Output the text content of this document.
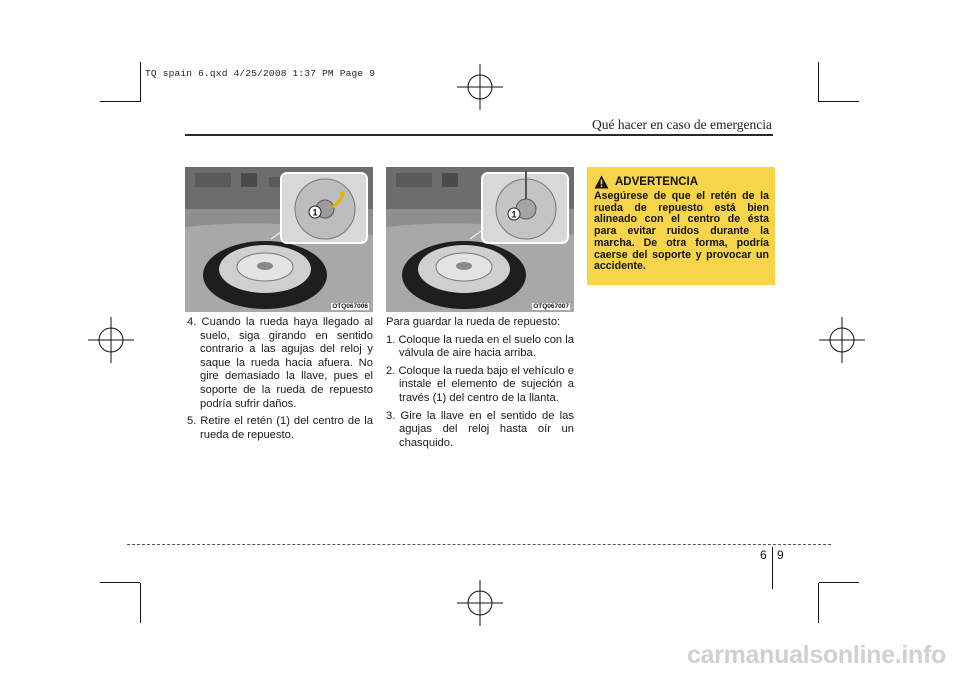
TQ spain 6.qxd 4/25/2008 1:37 PM Page 9
Qué hacer en caso de emergencia
1
OTQ067006
1
OTQ067007

4. Cuando la rueda haya llegado al suelo, siga girando en sentido contrario a las agujas del reloj y saque la rueda hacia afuera. No gire demasiado la llave, pues el soporte de la rueda de repuesto podría sufrir daños.

5. Retire el retén (1) del centro de la rueda de repuesto.

Para guardar la rueda de repuesto:

1. Coloque la rueda en el suelo con la válvula de aire hacia arriba.

2. Coloque la rueda bajo el vehículo e instale el elemento de sujeción a través (1) del centro de la llanta.

3. Gire la llave en el sentido de las agujas del reloj hasta oír un chasquido.

ADVERTENCIA
Asegúrese de que el retén de la rueda de repuesto está bien alineado con el centro de ésta para evitar ruidos durante la marcha. De otra forma, podría caerse del soporte y provocar un accidente.
6 9
carmanualsonline.info
